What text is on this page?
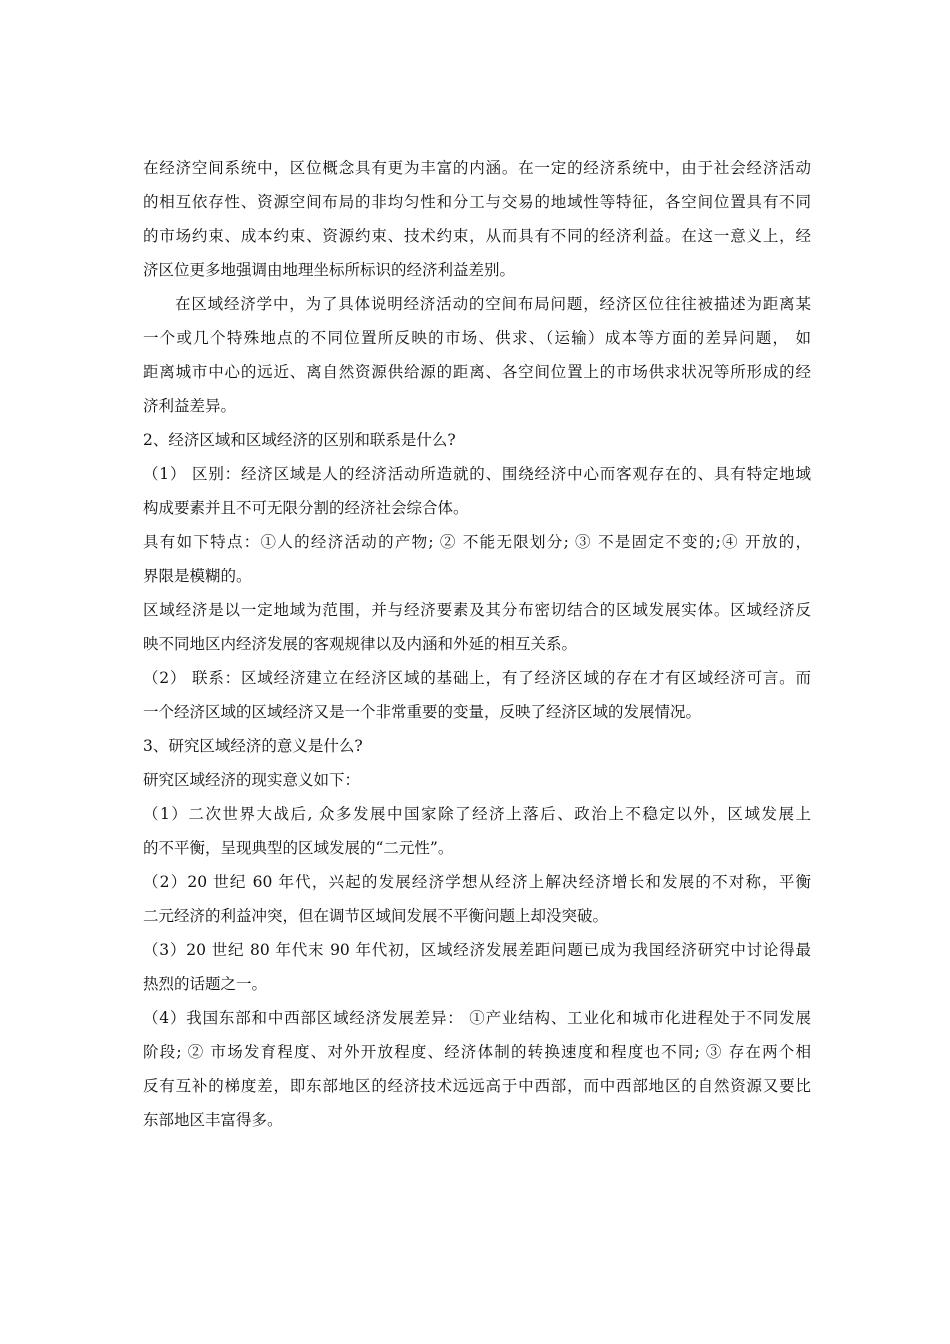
在经济空间系统中，区位概念具有更为丰富的内涵。在一定的经济系统中，由于社会经济活动
的相互依存性、资源空间布局的非均匀性和分工与交易的地域性等特征，各空间位置具有不同
的市场约束、成本约束、资源约束、技术约束，从而具有不同的经济利益。在这一意义上，经
济区位更多地强调由地理坐标所标识的经济利益差别。
在区域经济学中，为了具体说明经济活动的空间布局问题，经济区位往往被描述为距离某
一个或几个特殊地点的不同位置所反映的市场、供求、（运输）成本等方面的差异问题， 如
距离城市中心的远近、离自然资源供给源的距离、各空间位置上的市场供求状况等所形成的经
济利益差异。
2、经济区域和区域经济的区别和联系是什么?
（1） 区别：经济区域是人的经济活动所造就的、围绕经济中心而客观存在的、具有特定地域
构成要素并且不可无限分割的经济社会综合体。
具有如下特点：①人的经济活动的产物; ② 不能无限划分; ③ 不是固定不变的;④ 开放的，
界限是模糊的。
区域经济是以一定地域为范围，并与经济要素及其分布密切结合的区域发展实体。区域经济反
映不同地区内经济发展的客观规律以及内涵和外延的相互关系。
（2） 联系：区域经济建立在经济区域的基础上，有了经济区域的存在才有区域经济可言。而
一个经济区域的区域经济又是一个非常重要的变量，反映了经济区域的发展情况。
3、研究区域经济的意义是什么?
研究区域经济的现实意义如下：
（1）二次世界大战后, 众多发展中国家除了经济上落后、政治上不稳定以外，区域发展上
的不平衡，呈现典型的区域发展的“二元性”。
（2）20 世纪 60 年代，兴起的发展经济学想从经济上解决经济增长和发展的不对称，平衡
二元经济的利益冲突，但在调节区域间发展不平衡问题上却没突破。
（3）20 世纪 80 年代末 90 年代初，区域经济发展差距问题已成为我国经济研究中讨论得最
热烈的话题之一。
（4）我国东部和中西部区域经济发展差异： ①产业结构、工业化和城市化进程处于不同发展
阶段; ② 市场发育程度、对外开放程度、经济体制的转换速度和程度也不同; ③ 存在两个相
反有互补的梯度差，即东部地区的经济技术远远高于中西部，而中西部地区的自然资源又要比
东部地区丰富得多。
